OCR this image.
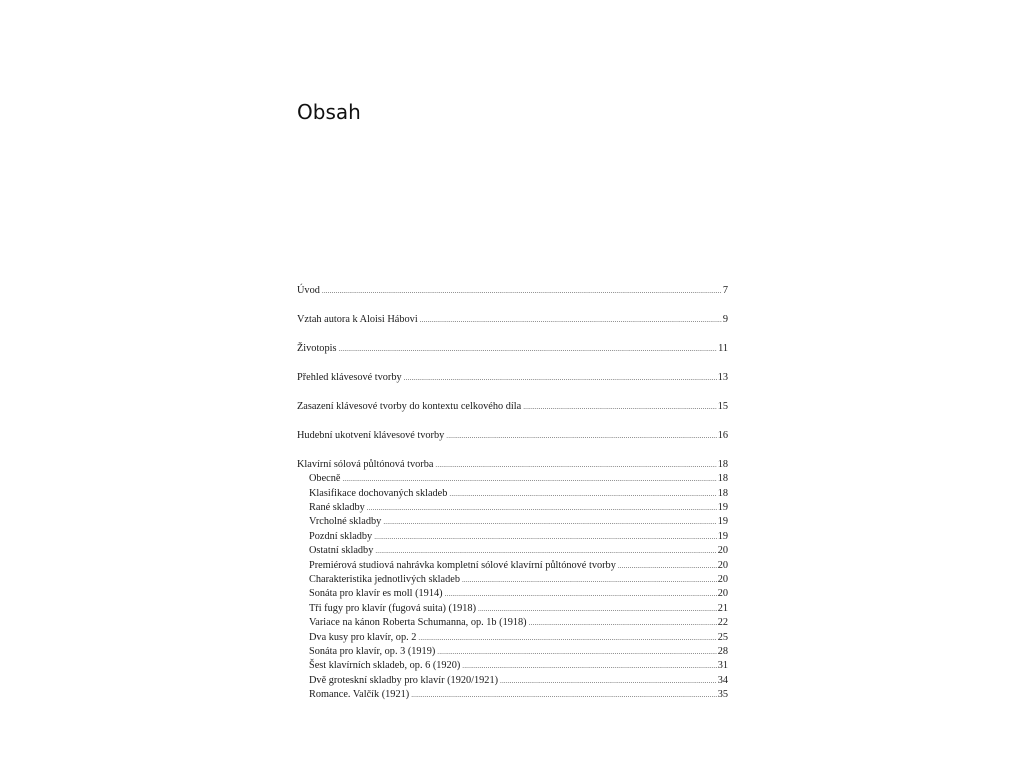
Obsah
Úvod .....	7
Vztah autora k Aloisi Hábovi .....	9
Životopis .....	11
Přehled klávesové tvorby .....	13
Zasazení klávesové tvorby do kontextu celkového díla .....	15
Hudební ukotvení klávesové tvorby .....	16
Klavírní sólová půltónová tvorba .....	18
Obecně .....	18
Klasifikace dochovaných skladeb .....	18
Rané skladby .....	19
Vrcholné skladby .....	19
Pozdní skladby .....	19
Ostatní skladby .....	20
Premiérová studiová nahrávka kompletní sólové klavírní půltónové tvorby .....	20
Charakteristika jednotlivých skladeb .....	20
Sonáta pro klavír es moll (1914) .....	20
Tři fugy pro klavír (fugová suita) (1918) .....	21
Variace na kánon Roberta Schumanna, op. 1b (1918) .....	22
Dva kusy pro klavír, op. 2 .....	25
Sonáta pro klavír, op. 3 (1919) .....	28
Šest klavírních skladeb, op. 6 (1920) .....	31
Dvě groteskní skladby pro klavír (1920/1921) .....	34
Romance. Valčík (1921) .....	35
